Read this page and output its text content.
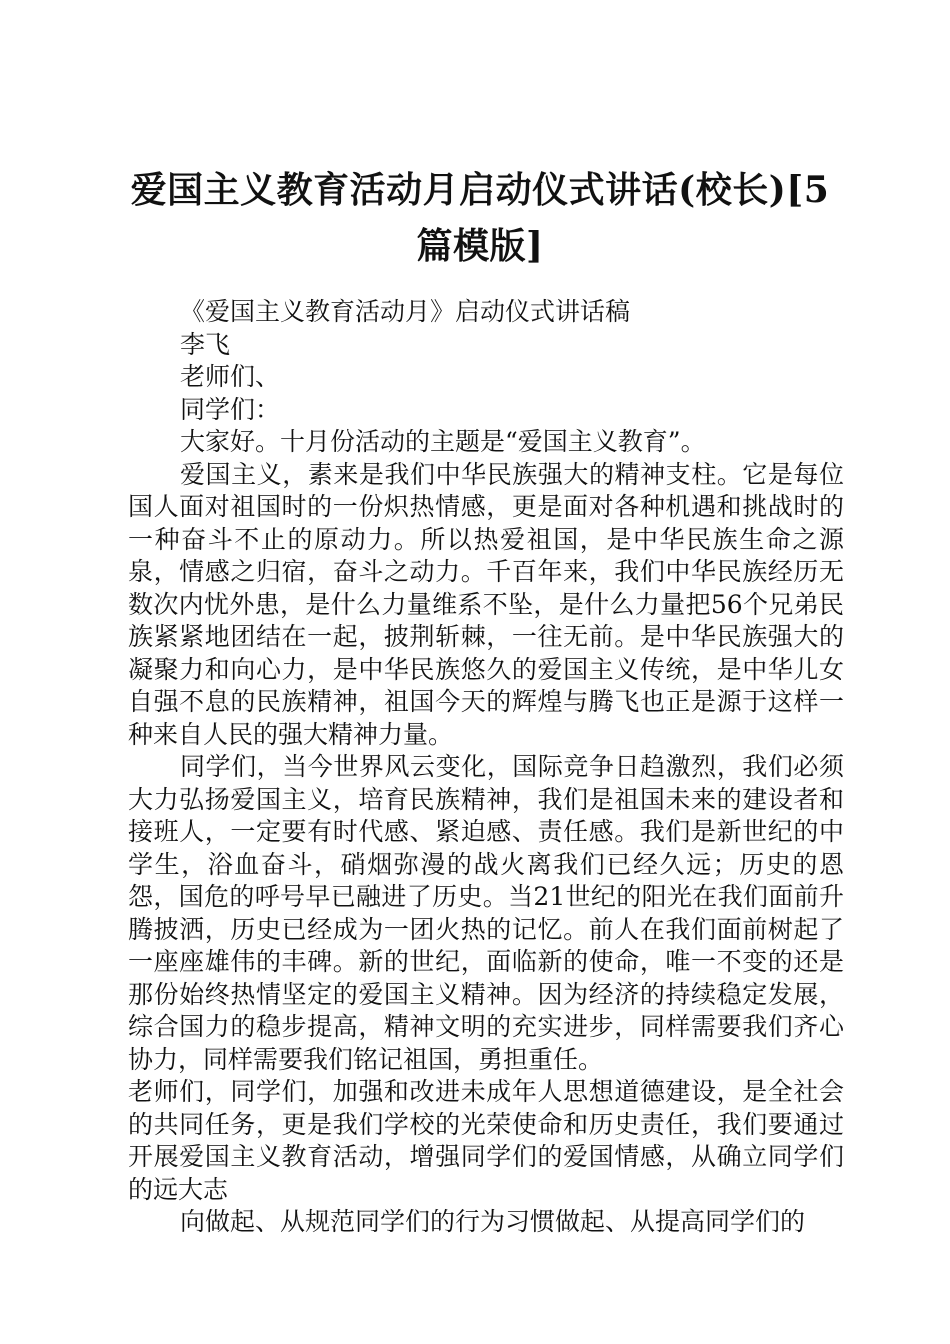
爱国主义教育活动月启动仪式讲话(校长)[5篇模版]

《爱国主义教育活动月》启动仪式讲话稿

李飞

老师们、

同学们：

大家好。十月份活动的主题是“爱国主义教育”。

爱国主义，素来是我们中华民族强大的精神支柱。它是每位国人面对祖国时的一份炽热情感，更是面对各种机遇和挑战时的一种奋斗不止的原动力。所以热爱祖国，是中华民族生命之源泉，情感之归宿，奋斗之动力。千百年来，我们中华民族经历无数次内忧外患，是什么力量维系不坠，是什么力量把56个兄弟民族紧紧地团结在一起，披荆斩棘，一往无前。是中华民族强大的凝聚力和向心力，是中华民族悠久的爱国主义传统，是中华儿女自强不息的民族精神，祖国今天的辉煌与腾飞也正是源于这样一种来自人民的强大精神力量。

同学们，当今世界风云变化，国际竞争日趋激烈，我们必须大力弘扬爱国主义，培育民族精神，我们是祖国未来的建设者和接班人，一定要有时代感、紧迫感、责任感。我们是新世纪的中学生，浴血奋斗，硝烟弥漫的战火离我们已经久远；历史的恩怨，国危的呼号早已融进了历史。当21世纪的阳光在我们面前升腾披洒，历史已经成为一团火热的记忆。前人在我们面前树起了一座座雄伟的丰碑。新的世纪，面临新的使命，唯一不变的还是那份始终热情坚定的爱国主义精神。因为经济的持续稳定发展，综合国力的稳步提高，精神文明的充实进步，同样需要我们齐心协力，同样需要我们铭记祖国，勇担重任。

老师们，同学们，加强和改进未成年人思想道德建设，是全社会的共同任务，更是我们学校的光荣使命和历史责任，我们要通过开展爱国主义教育活动，增强同学们的爱国情感，从确立同学们的远大志

向做起、从规范同学们的行为习惯做起、从提高同学们的
